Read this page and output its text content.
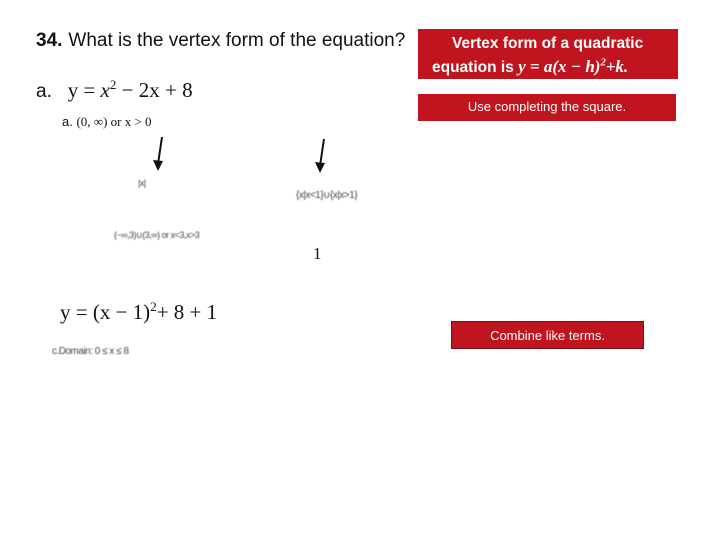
34. What is the vertex form of the equation?
a. $y = x^2 - 2x + 8$
a. (0, ∞) or x > 0
Vertex form of a quadratic
equation is $y = a(x - h)^2+k$.
Use completing the square.
|x|
{x|x<1}∪{x|x>1}
(−∞,3)∪(3,∞) or x<3,x>3
1
$y = (x - 1)^2+ 8 + 1$
c.Domain: 0 ≤ x ≤ 8
Combine like terms.
